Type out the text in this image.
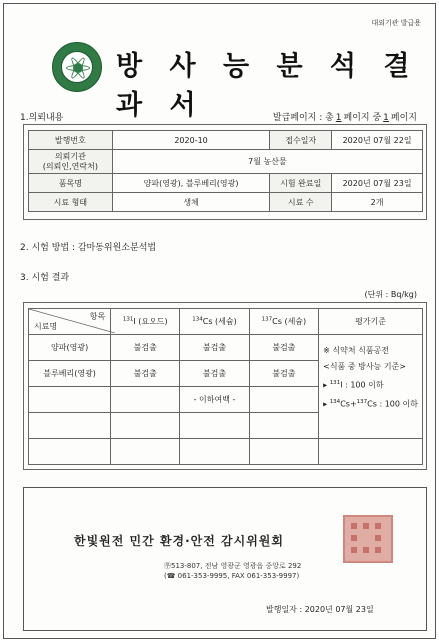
대외기관 발급용
방 사 능 분 석 결 과 서
1.의뢰내용	발급페이지 : 총 1 페이지 중 1 페이지
발행번호	2020-10	접수일자	2020년 07월 22일

의뢰기관
(의뢰인,연락처)	7월 농산물		
품목명	양파(영광), 블루베리(영광)	시험 완료일	2020년 07월 23일
시료 형태	생체	시료 수	2개
2. 시험 방법 : 감마동위원소분석법
3. 시험 결과
(단위 : Bq/kg)
항목
시료명	$^{131}$I (요오드)	$^{134}$Cs (세슘)	$^{137}$Cs (세슘)	평가기준
양파(영광)	불검출	불검출	불검출	※ 식약처 식품공전
<식품 중 방사능 기준>
▸ $^{131}$I : 100 이하
▸ $^{134}$Cs+$^{137}$Cs : 100 이하

블루베리(영광)	불검출	불검출	불검출	
		- 이하여백 -		

한빛원전 민간 환경·안전 감시위원회
㉾513-807, 전남 영광군 영광읍 중앙로 292
(☎ 061-353-9995, FAX 061-353-9997)
발행일자 : 2020년 07월 23일
